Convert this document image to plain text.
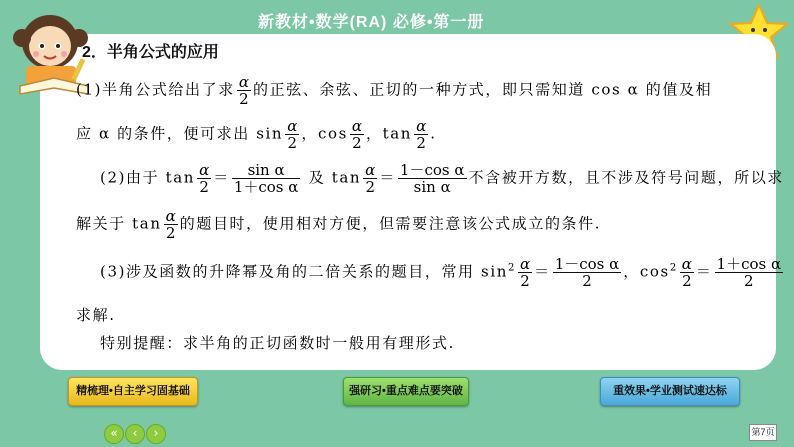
新教材•数学(RA) 必修•第一册
2．半角公式的应用
(1)半角公式给出了求 $\frac{\alpha}{2}$ 的正弦、余弦、正切的一种方式，即只需知道 cos α 的值及相
应 α 的条件，便可求出 $\sin \frac{\alpha}{2}$ ，$\cos \frac{\alpha}{2}$ ，$\tan \frac{\alpha}{2}$ .
(2)由于 $\tan \frac{\alpha}{2} = \frac{\text{sin α}}{\text{1＋cos α}}$ 及 $\tan \frac{\alpha}{2} = \frac{\text{1－cos α}}{\text{sin α}}$ 不含被开方数，且不涉及符号问题，所以求
解关于 $\tan \frac{\alpha}{2}$ 的题目时，使用相对方便，但需要注意该公式成立的条件.
(3)涉及函数的升降幂及角的二倍关系的题目，常用 $\sin^2 \frac{\alpha}{2} = \frac{\text{1－cos α}}{2}$ ，$\cos^2 \frac{\alpha}{2} = \frac{\text{1＋cos α}}{2}$
求解.
特别提醒：求半角的正切函数时一般用有理形式.
精梳理•自主学习固基础	强研习•重点难点要突破	重效果•学业测试速达标
«	‹	›	第7页
